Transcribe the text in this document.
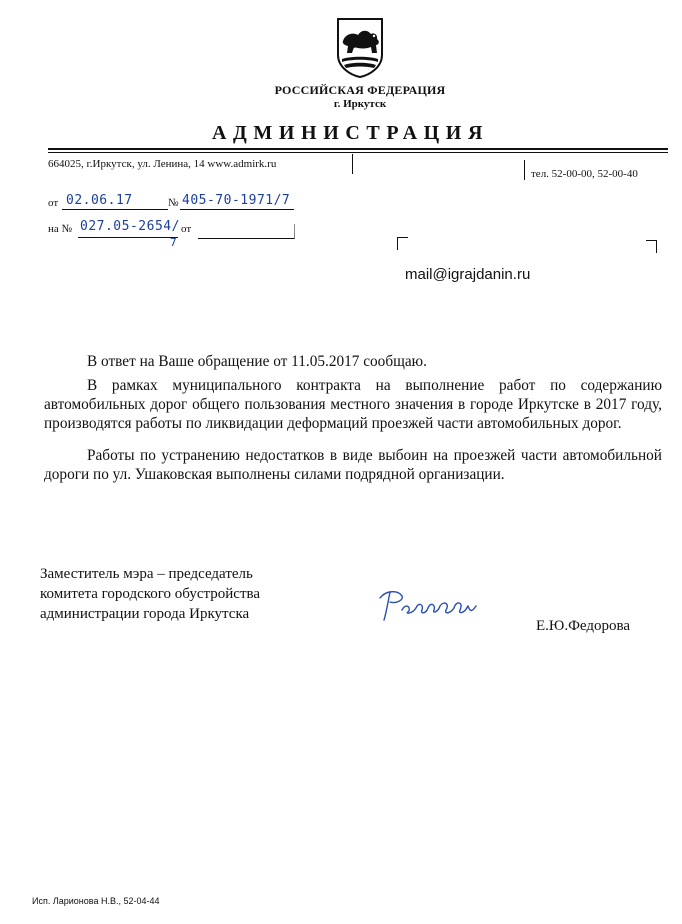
РОССИЙСКАЯ ФЕДЕРАЦИЯ
г. Иркутск
АДМИНИСТРАЦИЯ
664025, г.Иркутск, ул. Ленина, 14 www.admirk.ru
тел. 52-00-00, 52-00-40
от 02.06.17	№ 405-70-1971/7
на № 027.05-2654/
7
от
mail@igrajdanin.ru

В ответ на Ваше обращение от 11.05.2017 сообщаю.

В рамках муниципального контракта на выполнение работ по содержанию автомобильных дорог общего пользования местного значения в городе Иркутске в 2017 году, производятся работы по ликвидации деформаций проезжей части автомобильных дорог.

Работы по устранению недостатков в виде выбоин на проезжей части автомобильной дороги по ул. Ушаковская выполнены силами подрядной организации.

Заместитель мэра – председатель
комитета городского обустройства
администрации города Иркутска
Е.Ю.Федорова
Исп. Ларионова Н.В., 52-04-44
